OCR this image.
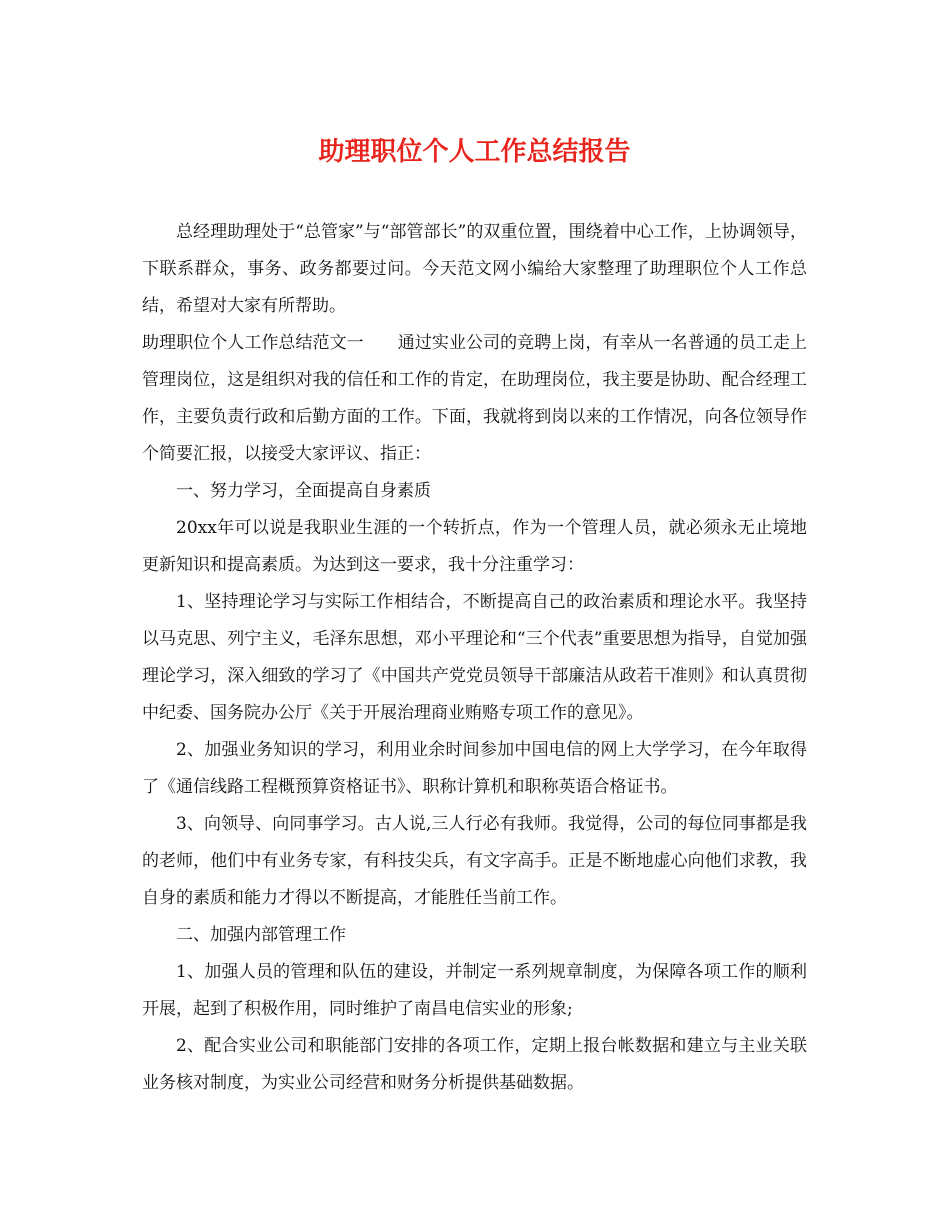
助理职位个人工作总结报告

总经理助理处于“总管家”与“部管部长”的双重位置，围绕着中心工作，上协调领导，下联系群众，事务、政务都要过问。今天范文网小编给大家整理了助理职位个人工作总结，希望对大家有所帮助。

助理职位个人工作总结范文一　　通过实业公司的竞聘上岗，有幸从一名普通的员工走上管理岗位，这是组织对我的信任和工作的肯定，在助理岗位，我主要是协助、配合经理工作，主要负责行政和后勤方面的工作。下面，我就将到岗以来的工作情况，向各位领导作个简要汇报，以接受大家评议、指正：

一、努力学习，全面提高自身素质

20xx年可以说是我职业生涯的一个转折点，作为一个管理人员，就必须永无止境地更新知识和提高素质。为达到这一要求，我十分注重学习：

1、坚持理论学习与实际工作相结合，不断提高自己的政治素质和理论水平。我坚持以马克思、列宁主义，毛泽东思想，邓小平理论和“三个代表”重要思想为指导，自觉加强理论学习，深入细致的学习了《中国共产党党员领导干部廉洁从政若干准则》和认真贯彻中纪委、国务院办公厅《关于开展治理商业贿赂专项工作的意见》。

2、加强业务知识的学习，利用业余时间参加中国电信的网上大学学习，在今年取得了《通信线路工程概预算资格证书》、职称计算机和职称英语合格证书。

3、向领导、向同事学习。古人说,三人行必有我师。我觉得，公司的每位同事都是我的老师，他们中有业务专家，有科技尖兵，有文字高手。正是不断地虚心向他们求教，我自身的素质和能力才得以不断提高，才能胜任当前工作。

二、加强内部管理工作

1、加强人员的管理和队伍的建设，并制定一系列规章制度，为保障各项工作的顺利开展，起到了积极作用，同时维护了南昌电信实业的形象;

2、配合实业公司和职能部门安排的各项工作，定期上报台帐数据和建立与主业关联业务核对制度，为实业公司经营和财务分析提供基础数据。
